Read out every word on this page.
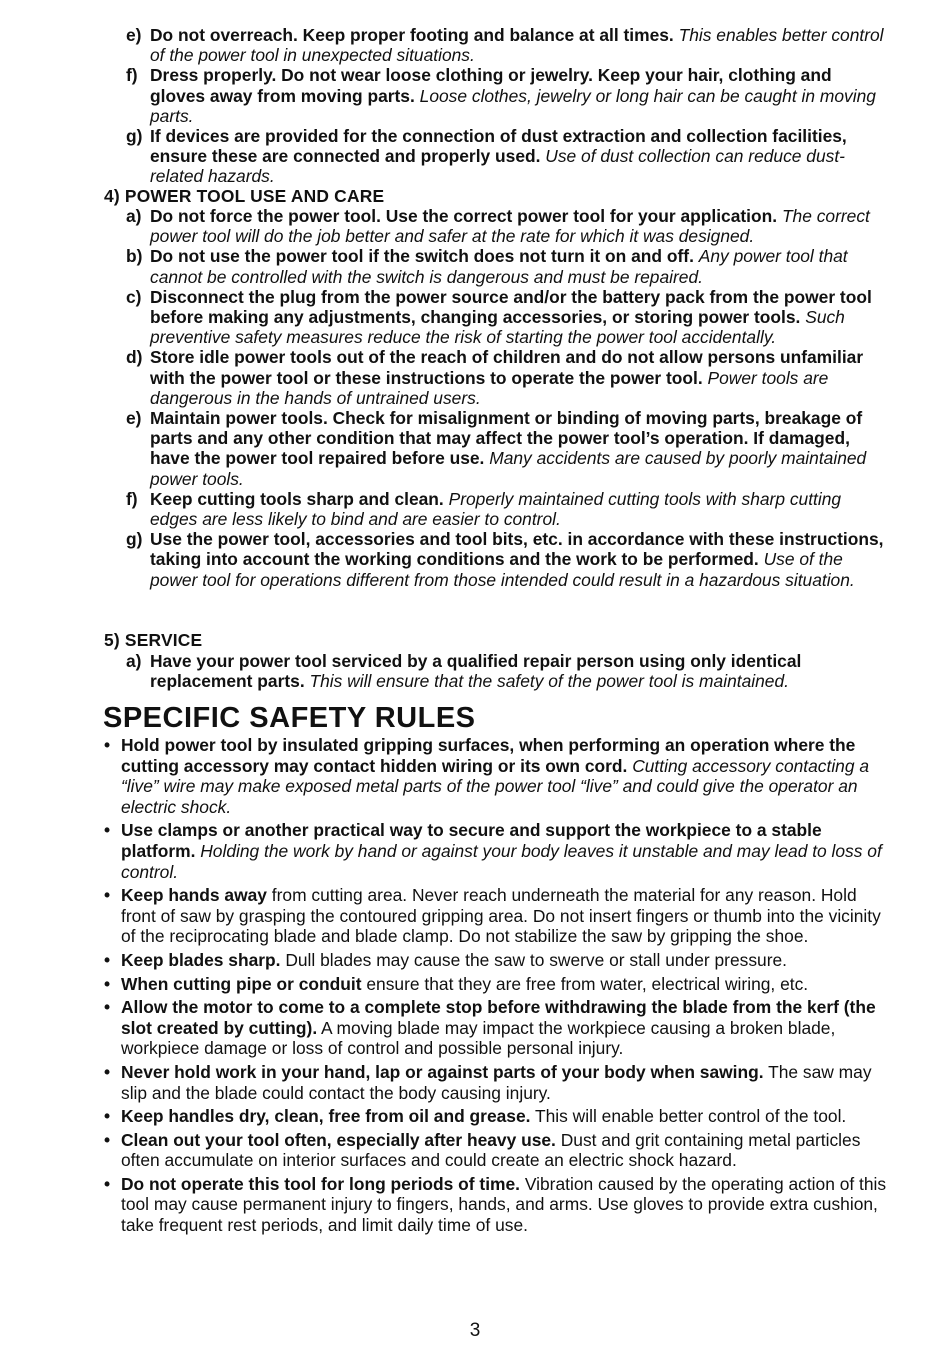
e) Do not overreach. Keep proper footing and balance at all times. This enables better control of the power tool in unexpected situations.
f) Dress properly. Do not wear loose clothing or jewelry. Keep your hair, clothing and gloves away from moving parts. Loose clothes, jewelry or long hair can be caught in moving parts.
g) If devices are provided for the connection of dust extraction and collection facilities, ensure these are connected and properly used. Use of dust collection can reduce dust-related hazards.
4) POWER TOOL USE AND CARE
a) Do not force the power tool. Use the correct power tool for your application. The correct power tool will do the job better and safer at the rate for which it was designed.
b) Do not use the power tool if the switch does not turn it on and off. Any power tool that cannot be controlled with the switch is dangerous and must be repaired.
c) Disconnect the plug from the power source and/or the battery pack from the power tool before making any adjustments, changing accessories, or storing power tools. Such preventive safety measures reduce the risk of starting the power tool accidentally.
d) Store idle power tools out of the reach of children and do not allow persons unfamiliar with the power tool or these instructions to operate the power tool. Power tools are dangerous in the hands of untrained users.
e) Maintain power tools. Check for misalignment or binding of moving parts, breakage of parts and any other condition that may affect the power tool’s operation. If damaged, have the power tool repaired before use. Many accidents are caused by poorly maintained power tools.
f) Keep cutting tools sharp and clean. Properly maintained cutting tools with sharp cutting edges are less likely to bind and are easier to control.
g) Use the power tool, accessories and tool bits, etc. in accordance with these instructions, taking into account the working conditions and the work to be performed. Use of the power tool for operations different from those intended could result in a hazardous situation.
5) SERVICE
a) Have your power tool serviced by a qualified repair person using only identical replacement parts. This will ensure that the safety of the power tool is maintained.
SPECIFIC SAFETY RULES
• Hold power tool by insulated gripping surfaces, when performing an operation where the cutting accessory may contact hidden wiring or its own cord. Cutting accessory contacting a “live” wire may make exposed metal parts of the power tool “live” and could give the operator an electric shock.
• Use clamps or another practical way to secure and support the workpiece to a stable platform. Holding the work by hand or against your body leaves it unstable and may lead to loss of control.
• Keep hands away from cutting area. Never reach underneath the material for any reason. Hold front of saw by grasping the contoured gripping area. Do not insert fingers or thumb into the vicinity of the reciprocating blade and blade clamp. Do not stabilize the saw by gripping the shoe.
• Keep blades sharp. Dull blades may cause the saw to swerve or stall under pressure.
• When cutting pipe or conduit ensure that they are free from water, electrical wiring, etc.
• Allow the motor to come to a complete stop before withdrawing the blade from the kerf (the slot created by cutting). A moving blade may impact the workpiece causing a broken blade, workpiece damage or loss of control and possible personal injury.
• Never hold work in your hand, lap or against parts of your body when sawing. The saw may slip and the blade could contact the body causing injury.
• Keep handles dry, clean, free from oil and grease. This will enable better control of the tool.
• Clean out your tool often, especially after heavy use. Dust and grit containing metal particles often accumulate on interior surfaces and could create an electric shock hazard.
• Do not operate this tool for long periods of time. Vibration caused by the operating action of this tool may cause permanent injury to fingers, hands, and arms. Use gloves to provide extra cushion, take frequent rest periods, and limit daily time of use.
3
